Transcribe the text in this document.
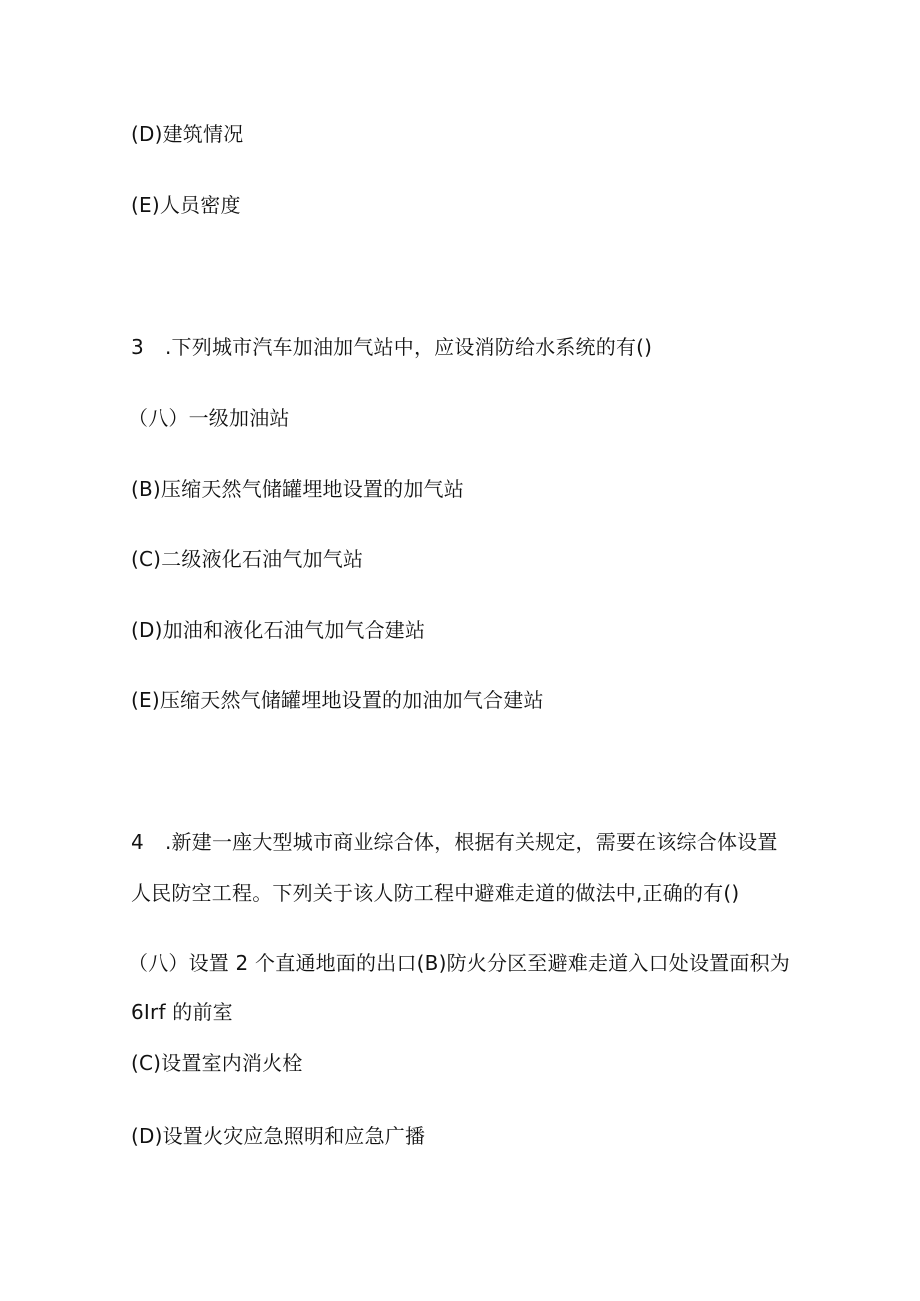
(D)建筑情况
(E)人员密度
3 .下列城市汽车加油加气站中，应设消防给水系统的有()
（八）一级加油站
(B)压缩天然气储罐埋地设置的加气站
(C)二级液化石油气加气站
(D)加油和液化石油气加气合建站
(E)压缩天然气储罐埋地设置的加油加气合建站
4 .新建一座大型城市商业综合体，根据有关规定，需要在该综合体设置
人民防空工程。下列关于该人防工程中避难走道的做法中,正确的有()
（八）设置 2 个直通地面的出口(B)防火分区至避难走道入口处设置面积为
6Irf 的前室
(C)设置室内消火栓
(D)设置火灾应急照明和应急广播
